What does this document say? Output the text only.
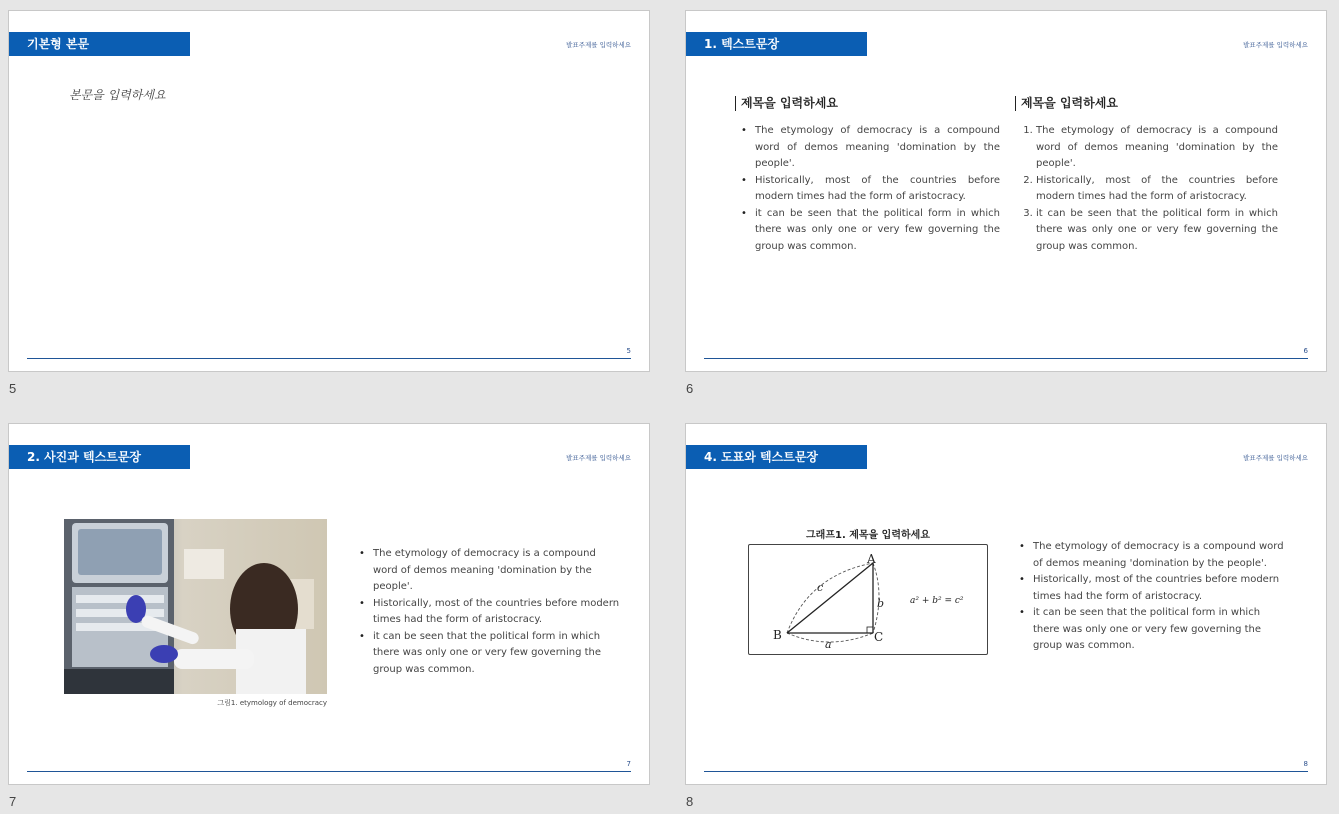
기본형 본문	발표주제를 입력하세요
본문을 입력하세요
5
5
1. 텍스트문장	발표주제를 입력하세요
제목을 입력하세요
• The etymology of democracy is a compound word of demos meaning 'domination by the people'.
• Historically, most of the countries before modern times had the form of aristocracy.
• it can be seen that the political form in which there was only one or very few governing the group was common.
제목을 입력하세요
1. The etymology of democracy is a compound word of demos meaning 'domination by the people'.
2. Historically, most of the countries before modern times had the form of aristocracy.
3. it can be seen that the political form in which there was only one or very few governing the group was common.
6
6
2. 사진과 텍스트문장	발표주제를 입력하세요
그림1. etymology of democracy
• The etymology of democracy is a compound word of demos meaning 'domination by the people'.
• Historically, most of the countries before modern times had the form of aristocracy.
• it can be seen that the political form in which there was only one or very few governing the group was common.
7
7
4. 도표와 텍스트문장	발표주제를 입력하세요
그래프1. 제목을 입력하세요
A
B	C
c
b
a
a² + b² = c²
• The etymology of democracy is a compound word of demos meaning 'domination by the people'.
• Historically, most of the countries before modern times had the form of aristocracy.
• it can be seen that the political form in which there was only one or very few governing the group was common.
8
8
